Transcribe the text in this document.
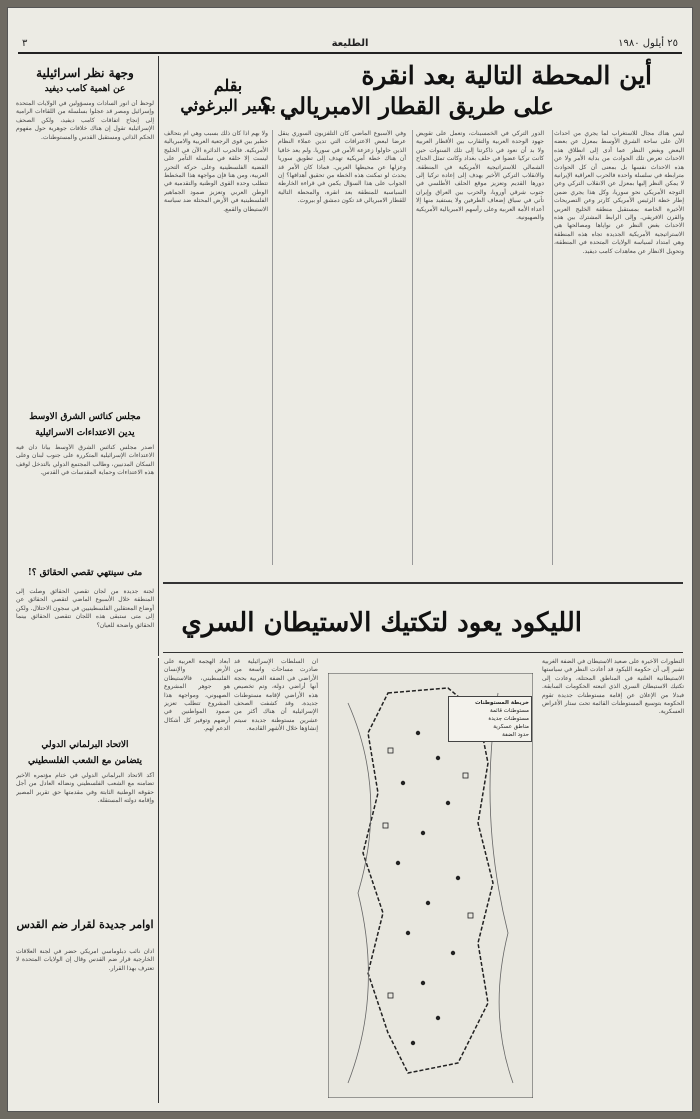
٢٥ أيلول ١٩٨٠
الطليعة
٣
أين المحطة التالية بعد انقرة
على طريق القطار الامبريالي ؟
بقلم
بشير البرغوثي
ليس هناك مجال للاستغراب لما يجري من احداث الآن على ساحة الشرق الأوسط بمعزل عن بعضه البعض وبغض النظر عما أدى إلى انطلاق هذه الاحداث تعرض تلك الحوادث من بداية الأمر ولا عن هذه الاحداث نفسها بل بمعنى أن كل الحوادث مترابطة في سلسلة واحدة فالحرب العراقية الإيرانية لا يمكن النظر إليها بمعزل عن الانقلاب التركي وعن التوجه الأمريكي نحو سوريا، وكل هذا يجري ضمن إطار خطة الرئيس الأمريكي كارتر وعن التصريحات الأخيرة الخاصة بمستقبل منطقة الخليج العربي والقرن الافريقي. وإلى الرابط المشترك بين هذه الاحداث بغض النظر عن نواياها ومصالحها هي الاستراتيجية الأمريكية الجديدة تجاه هذه المنطقة وهي امتداد لسياسة الولايات المتحدة في المنطقة، وتحويل الانظار عن معاهدات كامب ديفيد.
الدور التركي في الخمسينات، وتعمل على تقويض جهود الوحدة العربية والتقارب بين الأقطار العربية ولا بد أن نعود في ذاكرتنا إلى تلك السنوات حين كانت تركيا عضوا في حلف بغداد وكانت تمثل الجناح الشمالي للاستراتيجية الأمريكية في المنطقة. والانقلاب التركي الأخير يهدف إلى إعادة تركيا إلى دورها القديم وتعزيز موقع الحلف الأطلسي في جنوب شرقي أوروبا، والحرب بين العراق وإيران تأتي في سياق إضعاف الطرفين ولا يستفيد منها إلا أعداء الأمة العربية وعلى رأسهم الامبريالية الأمريكية والصهيونية.
وفي الأسبوع الماضي كان التلفزيون السوري ينقل عرضا لبعض الاعترافات التي تدين عملاء النظام الذين حاولوا زعزعة الأمن في سوريا. ولم يعد خافيا أن هناك خطة أمريكية تهدف إلى تطويق سوريا وعزلها عن محيطها العربي. فماذا كان الأمر قد يحدث لو تمكنت هذه الخطة من تحقيق أهدافها؟ إن الجواب على هذا السؤال يكمن في قراءة الخارطة السياسية للمنطقة بعد انقرة، والمحطة التالية للقطار الامبريالي قد تكون دمشق أو بيروت.
ولا بهم اذا كان ذلك بسبب وهي ام بتحالف خطير بين قوى الرجعية العربية والامبريالية الأمريكية. فالحرب الدائرة الآن في الخليج ليست إلا حلقة في سلسلة التآمر على القضية الفلسطينية وعلى حركة التحرر العربية، ومن هنا فإن مواجهة هذا المخطط تتطلب وحدة القوى الوطنية والتقدمية في الوطن العربي وتعزيز صمود الجماهير الفلسطينية في الأرض المحتلة ضد سياسة الاستيطان والقمع.
الليكود يعود لتكتيك الاستيطان السري
التطورات الأخيرة على صعيد الاستيطان في الضفة الغربية تشير إلى أن حكومة الليكود قد أعادت النظر في سياستها الاستيطانية العلنية في المناطق المحتلة، وعادت إلى تكتيك الاستيطان السري الذي اتبعته الحكومات السابقة. فبدلا من الإعلان عن إقامة مستوطنات جديدة تقوم الحكومة بتوسيع المستوطنات القائمة تحت ستار الأغراض العسكرية.
ان السلطات الإسرائيلية قد صادرت مساحات واسعة من الأراضي في الضفة الغربية بحجة أنها أراضي دولة، وتم تخصيص هذه الأراضي لإقامة مستوطنات جديدة. وقد كشفت الصحف الإسرائيلية أن هناك أكثر من عشرين مستوطنة جديدة سيتم إنشاؤها خلال الأشهر القادمة.
أبعاد الهجمة العربية على الأرض والإنسان الفلسطيني، فالاستيطان هو جوهر المشروع الصهيوني، ومواجهة هذا المشروع تتطلب تعزيز صمود المواطنين في أرضهم وتوفير كل أشكال الدعم لهم.
خريطة المستوطنات
مستوطنات قائمة
مستوطنات جديدة
مناطق عسكرية
حدود الضفة
وجهة نظر اسرائيلية
عن اهمية كامب ديفيد
لوحظ أن انور السادات ومسؤولين في الولايات المتحدة وإسرائيل ومصر قد عجلوا بسلسلة من اللقاءات الرامية إلى إنجاح اتفاقات كامب ديفيد، ولكن الصحف الإسرائيلية تقول إن هناك خلافات جوهرية حول مفهوم الحكم الذاتي ومستقبل القدس والمستوطنات.
مجلس كنائس الشرق الاوسط
يدين الاعتداءات الاسرائيلية
اصدر مجلس كنائس الشرق الأوسط بيانا دان فيه الاعتداءات الإسرائيلية المتكررة على جنوب لبنان وعلى السكان المدنيين، وطالب المجتمع الدولي بالتدخل لوقف هذه الاعتداءات وحماية المقدسات في القدس.
متى سينتهي تقصي الحقائق ؟!
لجنة جديدة من لجان تقصي الحقائق وصلت إلى المنطقة خلال الأسبوع الماضي لتقصي الحقائق عن أوضاع المعتقلين الفلسطينيين في سجون الاحتلال. ولكن إلى متى ستبقى هذه اللجان تتقصى الحقائق بينما الحقائق واضحة للعيان؟
الاتحاد البرلماني الدولي
يتضامن مع الشعب الفلسطيني
أكد الاتحاد البرلماني الدولي في ختام مؤتمره الأخير تضامنه مع الشعب الفلسطيني ونضاله العادل من أجل حقوقه الوطنية الثابتة وفي مقدمتها حق تقرير المصير وإقامة دولته المستقلة.
اوامر جديدة لقرار ضم القدس
ادان نائب دبلوماسي امريكي حضر في لجنة العلاقات الخارجية قرار ضم القدس وقال إن الولايات المتحدة لا تعترف بهذا القرار.
